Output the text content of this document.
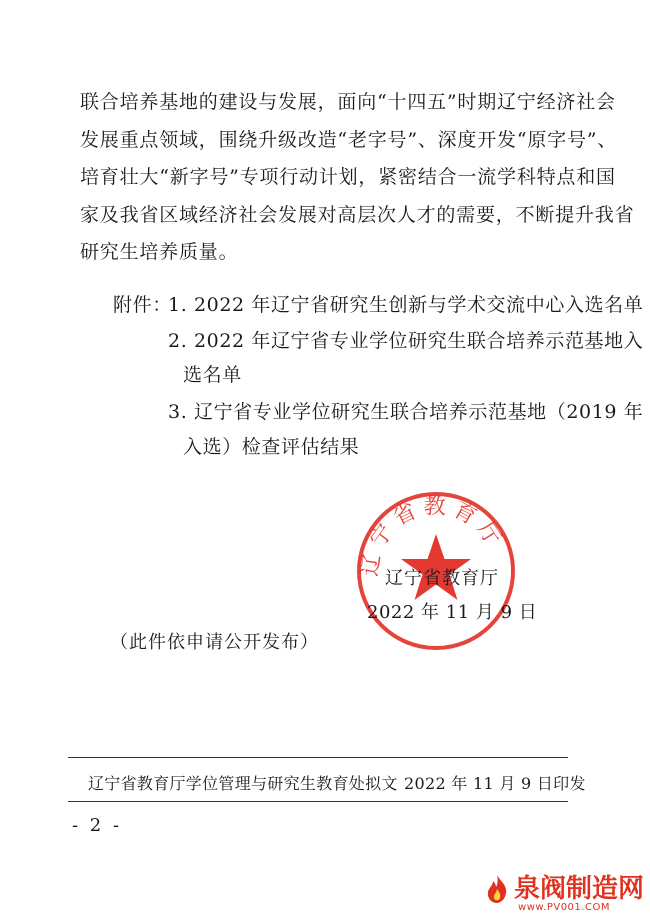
联合培养基地的建设与发展，面向“十四五”时期辽宁经济社会
发展重点领域，围绕升级改造“老字号”、深度开发“原字号”、
培育壮大“新字号”专项行动计划，紧密结合一流学科特点和国
家及我省区域经济社会发展对高层次人才的需要，不断提升我省
研究生培养质量。
附件：
1. 2022 年辽宁省研究生创新与学术交流中心入选名单
2. 2022 年辽宁省专业学位研究生联合培养示范基地入
选名单
3. 辽宁省专业学位研究生联合培养示范基地（2019 年
入选）检查评估结果
辽宁省教育厅
辽宁省教育厅
2022 年 11 月 9 日
（此件依申请公开发布）
辽宁省教育厅学位管理与研究生教育处拟文 2022 年 11 月 9 日印发
- 2 -
泉阀制造网
www.PV001.COM
